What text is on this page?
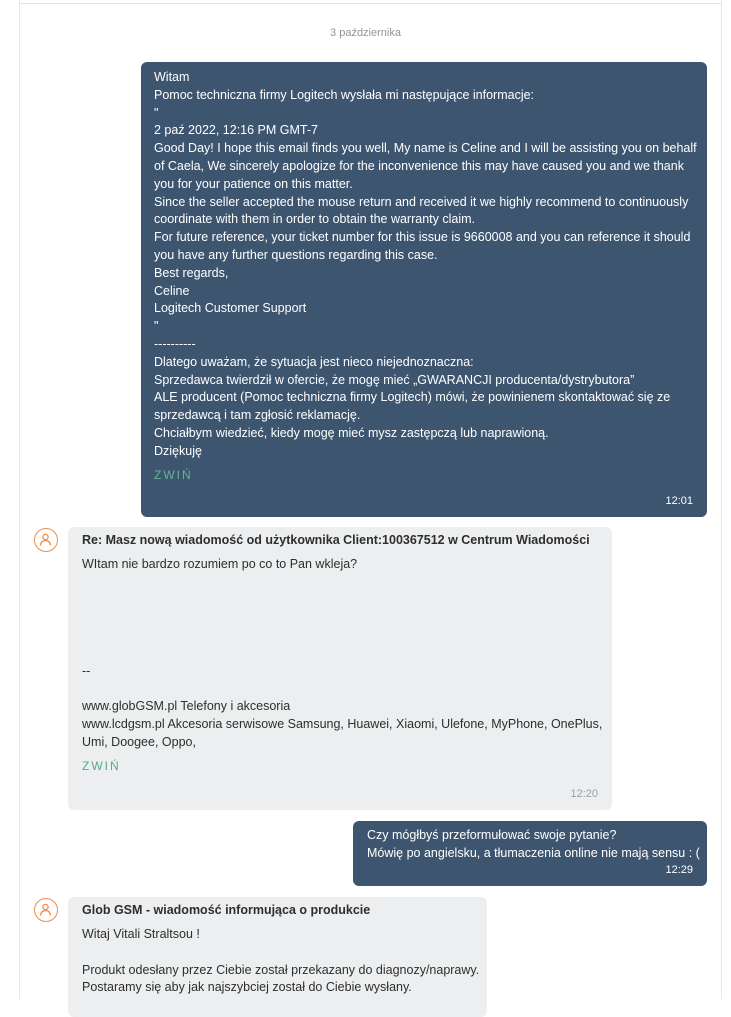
3 października
Witam
Pomoc techniczna firmy Logitech wysłała mi następujące informacje:
"
2 paź 2022, 12:16 PM GMT-7
Good Day! I hope this email finds you well, My name is Celine and I will be assisting you on behalf
of Caela, We sincerely apologize for the inconvenience this may have caused you and we thank
you for your patience on this matter.
Since the seller accepted the mouse return and received it we highly recommend to continuously
coordinate with them in order to obtain the warranty claim.
For future reference, your ticket number for this issue is 9660008 and you can reference it should
you have any further questions regarding this case.
Best regards,
Celine
Logitech Customer Support
"
----------
Dlatego uważam, że sytuacja jest nieco niejednoznaczna:
Sprzedawca twierdził w ofercie, że mogę mieć „GWARANCJI producenta/dystrybutora”
ALE producent (Pomoc techniczna firmy Logitech) mówi, że powinienem skontaktować się ze
sprzedawcą i tam zgłosić reklamację.
Chciałbym wiedzieć, kiedy mogę mieć mysz zastępczą lub naprawioną.
Dziękuję
ZWIŃ
12:01
Re: Masz nową wiadomość od użytkownika Client:100367512 w Centrum Wiadomości
WItam nie bardzo rozumiem po co to Pan wkleja?
--
www.globGSM.pl Telefony i akcesoria
www.lcdgsm.pl Akcesoria serwisowe Samsung, Huawei, Xiaomi, Ulefone, MyPhone, OnePlus,
Umi, Doogee, Oppo,
ZWIŃ
12:20
Czy mógłbyś przeformułować swoje pytanie?
Mówię po angielsku, a tłumaczenia online nie mają sensu : (
12:29
Glob GSM - wiadomość informująca o produkcie
Witaj Vitali Straltsou !
Produkt odesłany przez Ciebie został przekazany do diagnozy/naprawy.
Postaramy się aby jak najszybciej został do Ciebie wysłany.
